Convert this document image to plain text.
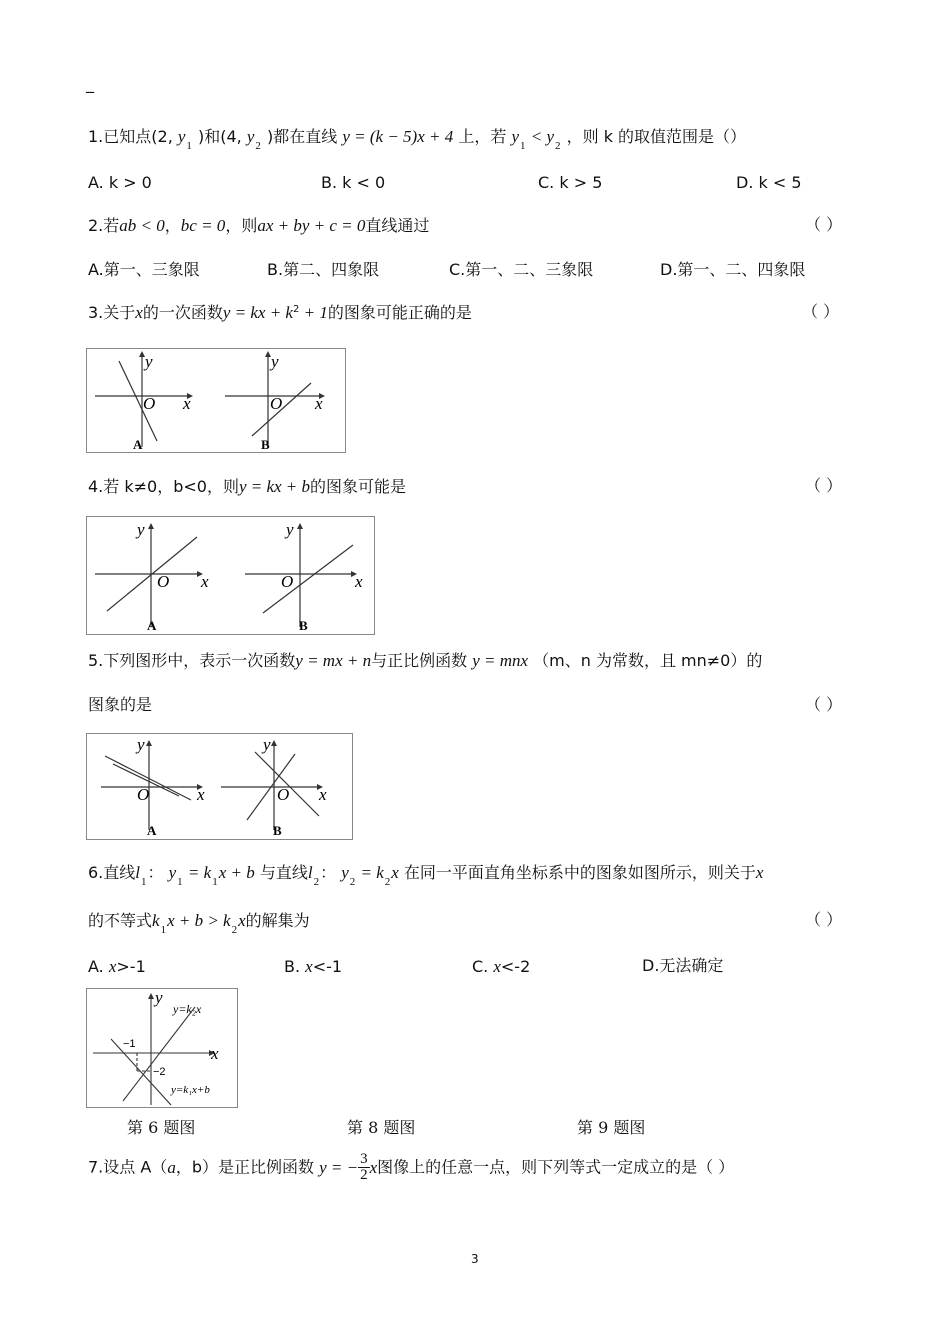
_
1.已知点(2, $y_1$ )和(4, $y_2$ )都在直线 y = (k − 5)x + 4 上，若 $y_1 < y_2$ ，则 k 的取值范围是（）
A. k > 0	B. k < 0	C. k > 5	D. k < 5
2.若ab < 0，bc = 0，则ax + by + c = 0直线通过	（ ）
A.第一、三象限	B.第二、四象限	C.第一、二、三象限	D.第一、二、四象限
3.关于x的一次函数y = kx + $k^2 + 1$的图象可能正确的是	（ ）
y
x
O
y
x
O
A	B
4.若 k≠0，b<0，则y = kx + b的图象可能是	（ ）
y
x
O
y
x
O
A	B
5.下列图形中，表示一次函数y = mx + n与正比例函数 y = mnx （m、n 为常数，且 mn≠0）的
图象的是	（ ）
y
x
O
y
x
O
A	B
6.直线$l_1$： $y_1 = k_1x + b$ 与直线$l_2$： $y_2 = k_2x$ 在同一平面直角坐标系中的图象如图所示，则关于x
的不等式$k_1x + b > k_2x$的解集为	（ ）
A. x>-1	B. x<-1	C. x<-2	D.无法确定
y
x
y=k₂x
y=k₁x+b
−1
−2
第 6 题图	第 8 题图	第 9 题图
7.设点 A（a，b）是正比例函数 y = − $\frac{3}{2}$ x图像上的任意一点，则下列等式一定成立的是（ ）
3
